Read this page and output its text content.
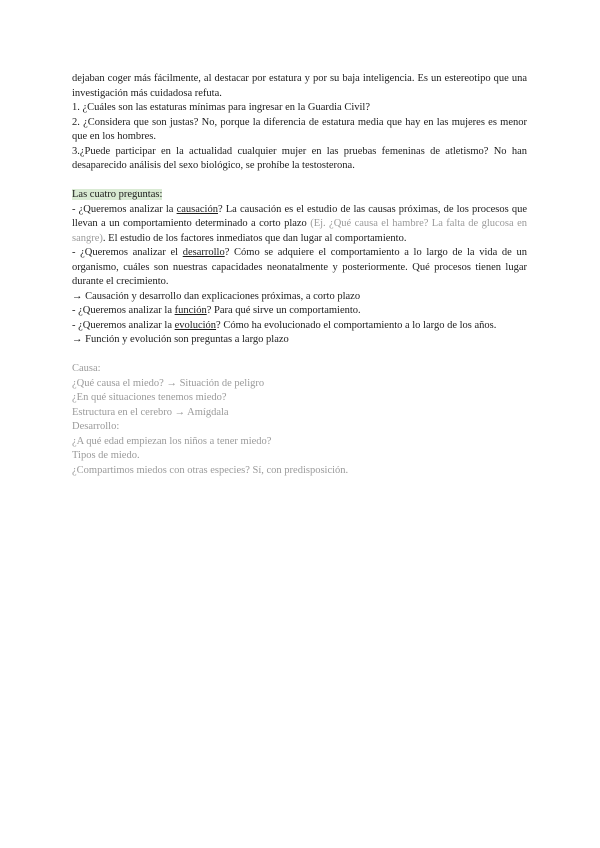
dejaban coger más fácilmente, al destacar por estatura y por su baja inteligencia. Es un estereotipo que una investigación más cuidadosa refuta.

1. ¿Cuáles son las estaturas mínimas para ingresar en la Guardia Civil?

2. ¿Considera que son justas? No, porque la diferencia de estatura media que hay en las mujeres es menor que en los hombres.

3.¿Puede participar en la actualidad cualquier mujer en las pruebas femeninas de atletismo? No han desaparecido análisis del sexo biológico, se prohíbe la testosterona.

Las cuatro preguntas:

- ¿Queremos analizar la causación? La causación es el estudio de las causas próximas, de los procesos que llevan a un comportamiento determinado a corto plazo (Ej. ¿Qué causa el hambre? La falta de glucosa en sangre). El estudio de los factores inmediatos que dan lugar al comportamiento.

- ¿Queremos analizar el desarrollo? Cómo se adquiere el comportamiento a lo largo de la vida de un organismo, cuáles son nuestras capacidades neonatalmente y posteriormente. Qué procesos tienen lugar durante el crecimiento.

→ Causación y desarrollo dan explicaciones próximas, a corto plazo

- ¿Queremos analizar la función? Para qué sirve un comportamiento.

- ¿Queremos analizar la evolución? Cómo ha evolucionado el comportamiento a lo largo de los años.

→ Función y evolución son preguntas a largo plazo

Causa:

¿Qué causa el miedo? → Situación de peligro

¿En qué situaciones tenemos miedo?

Estructura en el cerebro → Amígdala

Desarrollo:

¿A qué edad empiezan los niños a tener miedo?

Tipos de miedo.

¿Compartimos miedos con otras especies? Sí, con predisposición.
